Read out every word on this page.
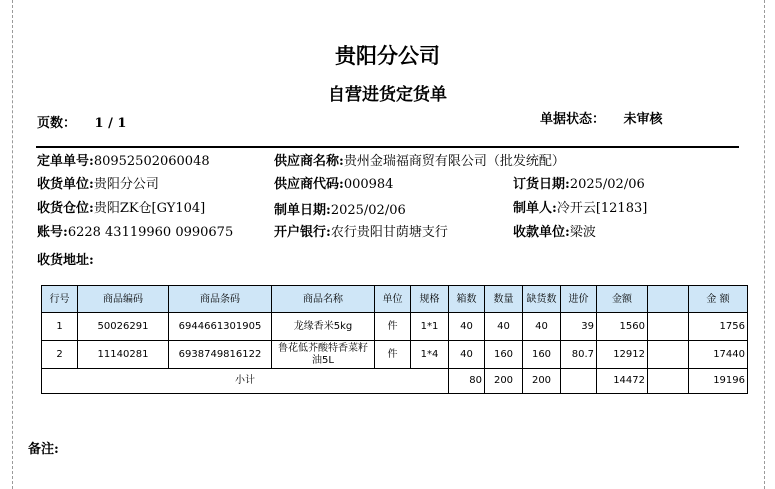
贵阳分公司
自营进货定货单
页数： 1 / 1	单据状态： 未审核
定单单号:80952502060048	供应商名称:贵州金瑞福商贸有限公司（批发统配）
收货单位:贵阳分公司	供应商代码:000984	订货日期:2025/02/06
收货仓位:贵阳ZK仓[GY104]	制单日期:2025/02/06	制单人:冷开云[12183]
账号:6228 43119960 0990675	开户银行:农行贵阳甘荫塘支行	收款单位:梁波
收货地址:
行号	商品编码	商品条码	商品名称	单位	规格	箱数	数量	缺货数	进价	金额		金 额
1	50026291	6944661301905	龙缘香米5kg	件	1*1	40	40	40	39	1560		1756
2	11140281	6938749816122	鲁花低芥酸特香菜籽油5L	件	1*4	40	160	160	80.7	12912		17440
小计						80	200	200		14472		19196
备注:
